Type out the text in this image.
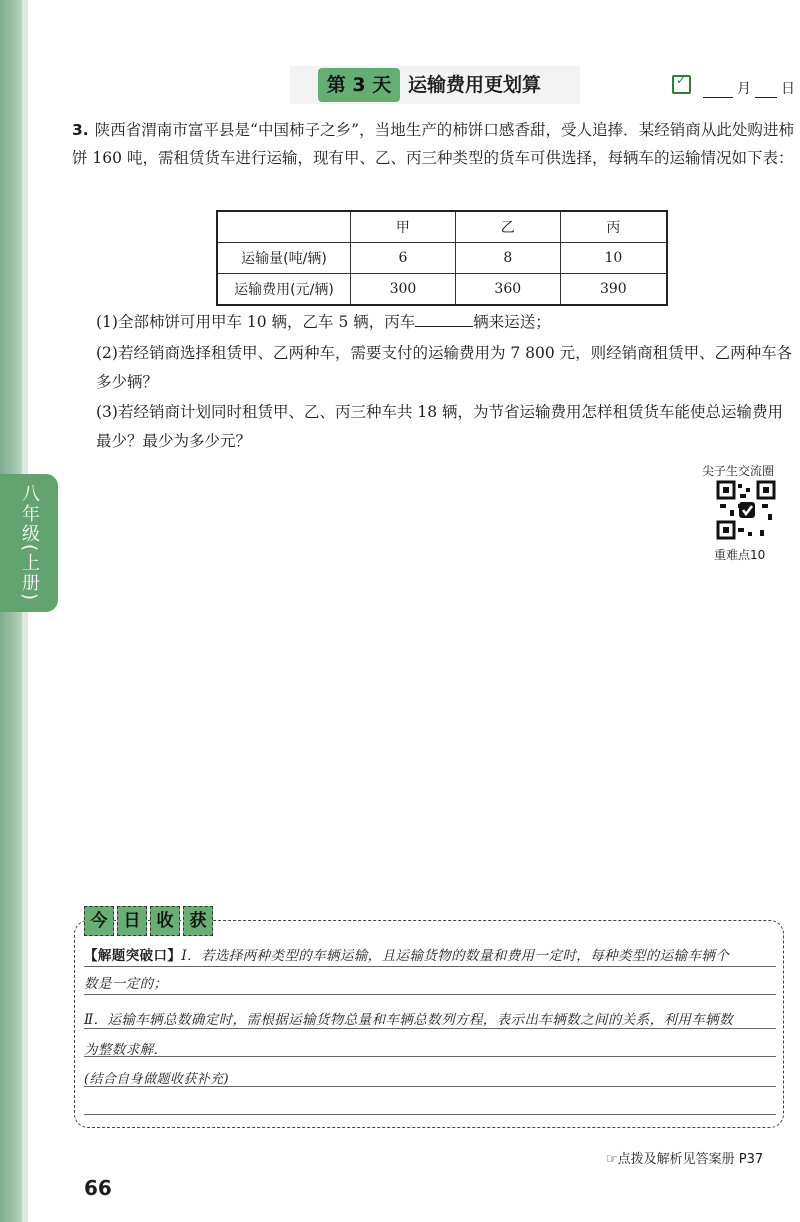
八年级(上册)
第 3 天 运输费用更划算
✓	月 日

3. 陕西省渭南市富平县是“中国柿子之乡”，当地生产的柿饼口感香甜，受人追捧．某经销商从此处购进柿饼 160 吨，需租赁货车进行运输，现有甲、乙、丙三种类型的货车可供选择，每辆车的运输情况如下表：

	甲	乙	丙
运输量(吨/辆)	6	8	10
运输费用(元/辆)	300	360	390
(1)全部柿饼可用甲车 10 辆，乙车 5 辆，丙车	辆来运送；
(2)若经销商选择租赁甲、乙两种车，需要支付的运输费用为 7 800 元，则经销商租赁甲、乙两种车各多少辆？
(3)若经销商计划同时租赁甲、乙、丙三种车共 18 辆，为节省运输费用怎样租赁货车能使总运输费用最少？最少为多少元？
尖子生交流圈
重难点10
今 日 收 获
【解题突破口】Ⅰ．若选择两种类型的车辆运输，且运输货物的数量和费用一定时，每种类型的运输车辆个
数是一定的；
Ⅱ．运输车辆总数确定时，需根据运输货物总量和车辆总数列方程，表示出车辆数之间的关系，利用车辆数
为整数求解．
(结合自身做题收获补充)
☞点拨及解析见答案册 P37
66
